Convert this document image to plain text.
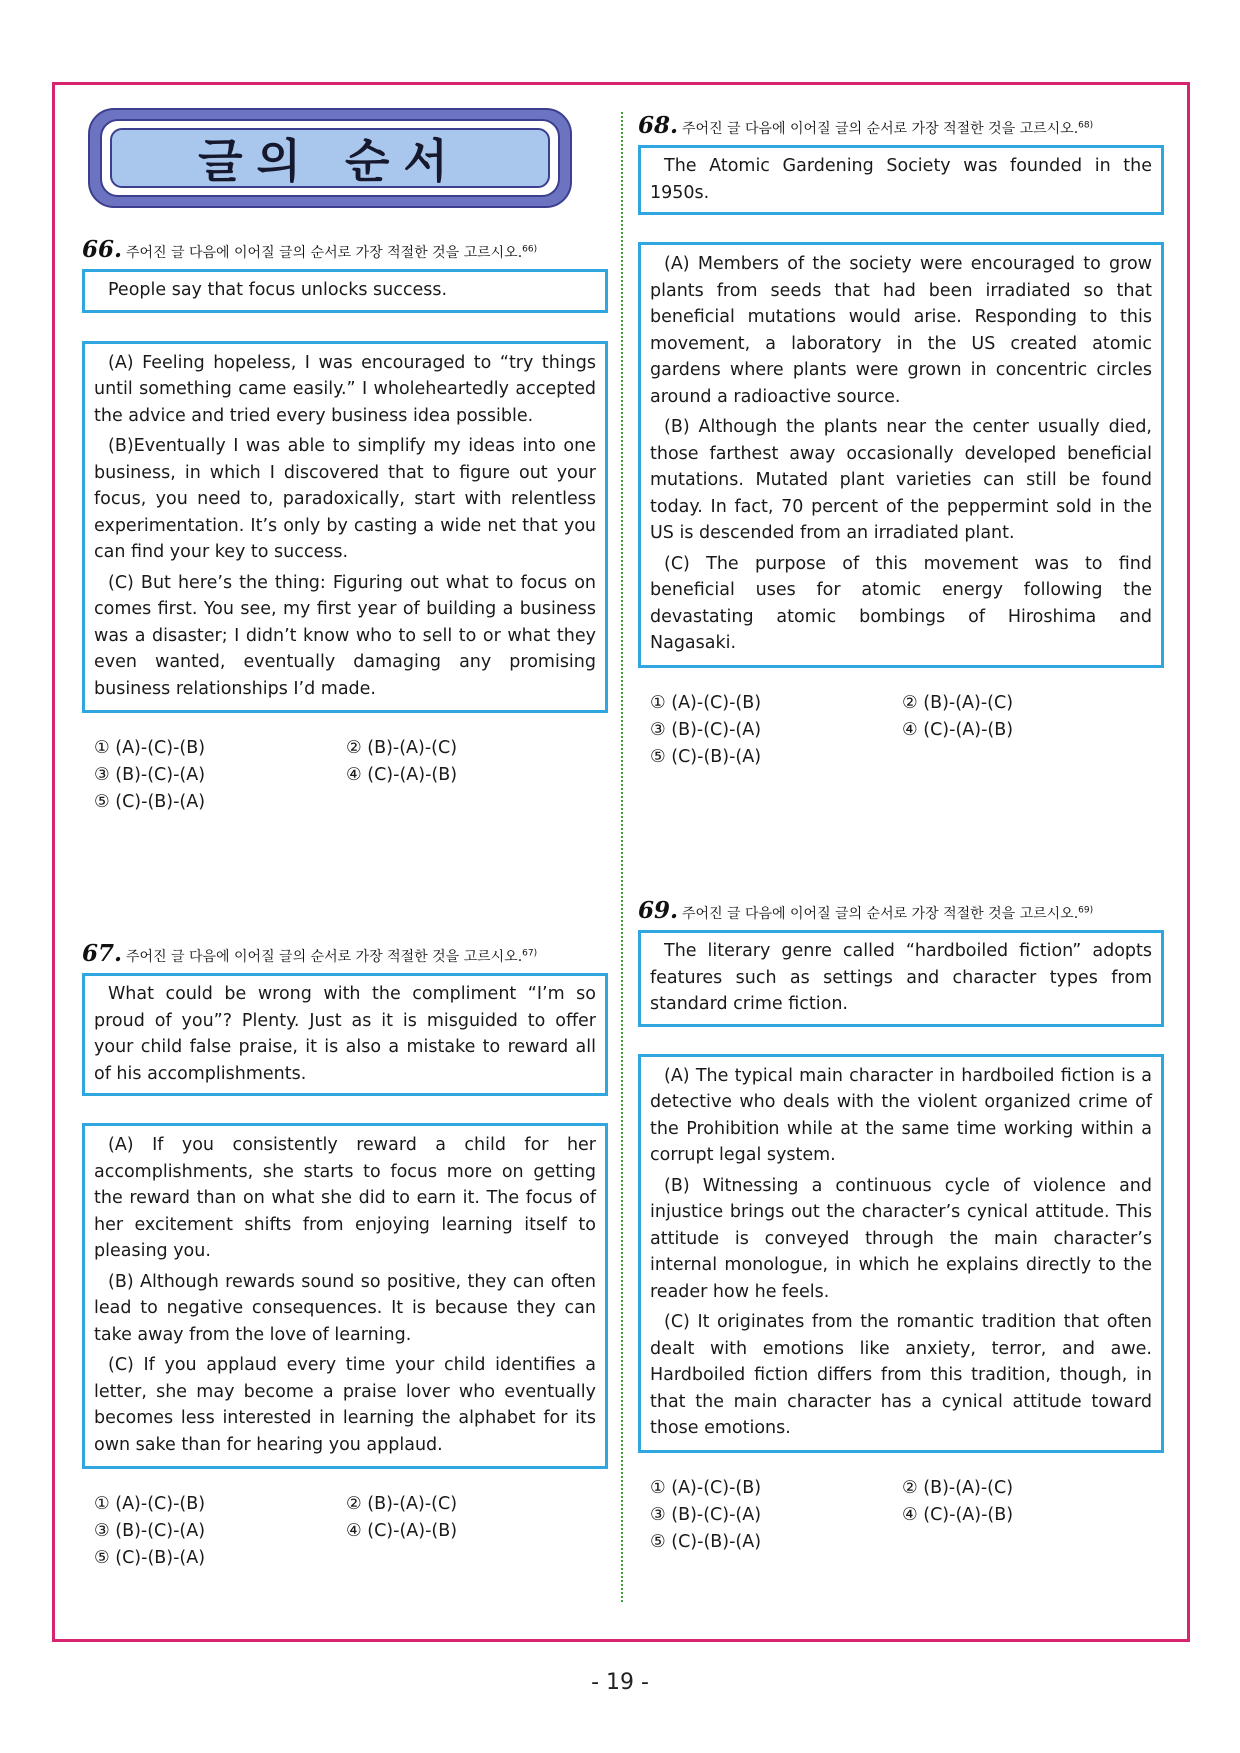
글의 순서
66. 주어진 글 다음에 이어질 글의 순서로 가장 적절한 것을 고르시오.$^{66)}$

People say that focus unlocks success.

(A) Feeling hopeless, I was encouraged to “try things until something came easily.” I wholeheartedly accepted the advice and tried every business idea possible.

(B)Eventually I was able to simplify my ideas into one business, in which I discovered that to figure out your focus, you need to, paradoxically, start with relentless experimentation. It’s only by casting a wide net that you can find your key to success.

(C) But here’s the thing: Figuring out what to focus on comes first. You see, my first year of building a business was a disaster; I didn’t know who to sell to or what they even wanted, eventually damaging any promising business relationships I’d made.

① (A)-(C)-(B)	② (B)-(A)-(C)
③ (B)-(C)-(A)	④ (C)-(A)-(B)
⑤ (C)-(B)-(A)
67. 주어진 글 다음에 이어질 글의 순서로 가장 적절한 것을 고르시오.$^{67)}$

What could be wrong with the compliment “I’m so proud of you”? Plenty. Just as it is misguided to offer your child false praise, it is also a mistake to reward all of his accomplishments.

(A) If you consistently reward a child for her accomplishments, she starts to focus more on getting the reward than on what she did to earn it. The focus of her excitement shifts from enjoying learning itself to pleasing you.

(B) Although rewards sound so positive, they can often lead to negative consequences. It is because they can take away from the love of learning.

(C) If you applaud every time your child identifies a letter, she may become a praise lover who eventually becomes less interested in learning the alphabet for its own sake than for hearing you applaud.

① (A)-(C)-(B)	② (B)-(A)-(C)
③ (B)-(C)-(A)	④ (C)-(A)-(B)
⑤ (C)-(B)-(A)
68. 주어진 글 다음에 이어질 글의 순서로 가장 적절한 것을 고르시오.$^{68)}$

The Atomic Gardening Society was founded in the 1950s.

(A) Members of the society were encouraged to grow plants from seeds that had been irradiated so that beneficial mutations would arise. Responding to this movement, a laboratory in the US created atomic gardens where plants were grown in concentric circles around a radioactive source.

(B) Although the plants near the center usually died, those farthest away occasionally developed beneficial mutations. Mutated plant varieties can still be found today. In fact, 70 percent of the peppermint sold in the US is descended from an irradiated plant.

(C) The purpose of this movement was to find beneficial uses for atomic energy following the devastating atomic bombings of Hiroshima and Nagasaki.

① (A)-(C)-(B)	② (B)-(A)-(C)
③ (B)-(C)-(A)	④ (C)-(A)-(B)
⑤ (C)-(B)-(A)
69. 주어진 글 다음에 이어질 글의 순서로 가장 적절한 것을 고르시오.$^{69)}$

The literary genre called “hardboiled fiction” adopts features such as settings and character types from standard crime fiction.

(A) The typical main character in hardboiled fiction is a detective who deals with the violent organized crime of the Prohibition while at the same time working within a corrupt legal system.

(B) Witnessing a continuous cycle of violence and injustice brings out the character’s cynical attitude. This attitude is conveyed through the main character’s internal monologue, in which he explains directly to the reader how he feels.

(C) It originates from the romantic tradition that often dealt with emotions like anxiety, terror, and awe. Hardboiled fiction differs from this tradition, though, in that the main character has a cynical attitude toward those emotions.

① (A)-(C)-(B)	② (B)-(A)-(C)
③ (B)-(C)-(A)	④ (C)-(A)-(B)
⑤ (C)-(B)-(A)
- 19 -
